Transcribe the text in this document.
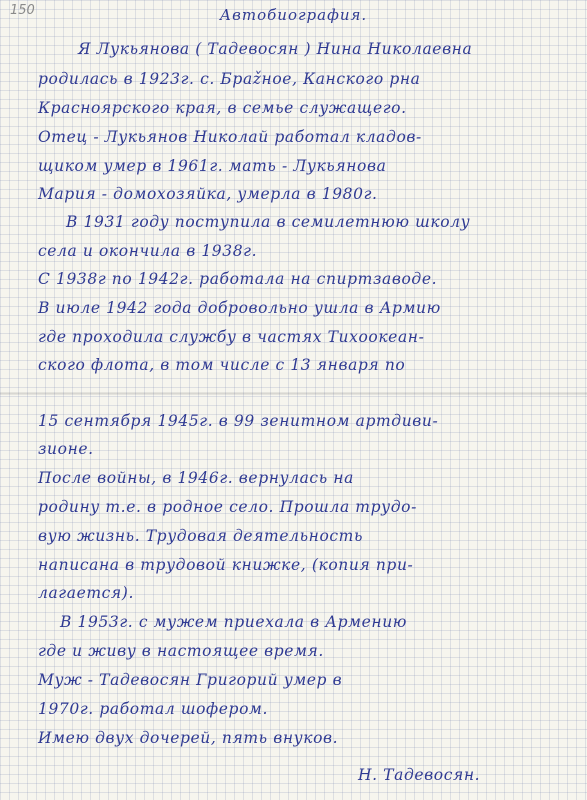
150	Автобиография.
Я Лукьянова ( Тадевосян ) Нина Николаевна
родилась в 1923г. с. Браžное, Канского рна
Красноярского края, в семье служащего.
Отец - Лукьянов Николай работал кладов-
щиком умер в 1961г. мать - Лукьянова
Мария - домохозяйка, умерла в 1980г.
В 1931 году поступила в семилетнюю школу
села и окончила в 1938г.
С 1938г по 1942г. работала на спиртзаводе.
В июле 1942 года добровольно ушла в Армию
где проходила службу в частях Тихоокеан-
ского флота, в том числе с 13 января по
15 сентября 1945г. в 99 зенитном артдиви-
зионе.
После войны, в 1946г. вернулась на
родину т.е. в родное село. Прошла трудо-
вую жизнь. Трудовая деятельность
написана в трудовой книжке, (копия при-
лагается).
В 1953г. с мужем приехала в Армению
где и живу в настоящее время.
Муж - Тадевосян Григорий умер в
1970г. работал шофером.
Имею двух дочерей, пять внуков.
Н. Тадевосян.
